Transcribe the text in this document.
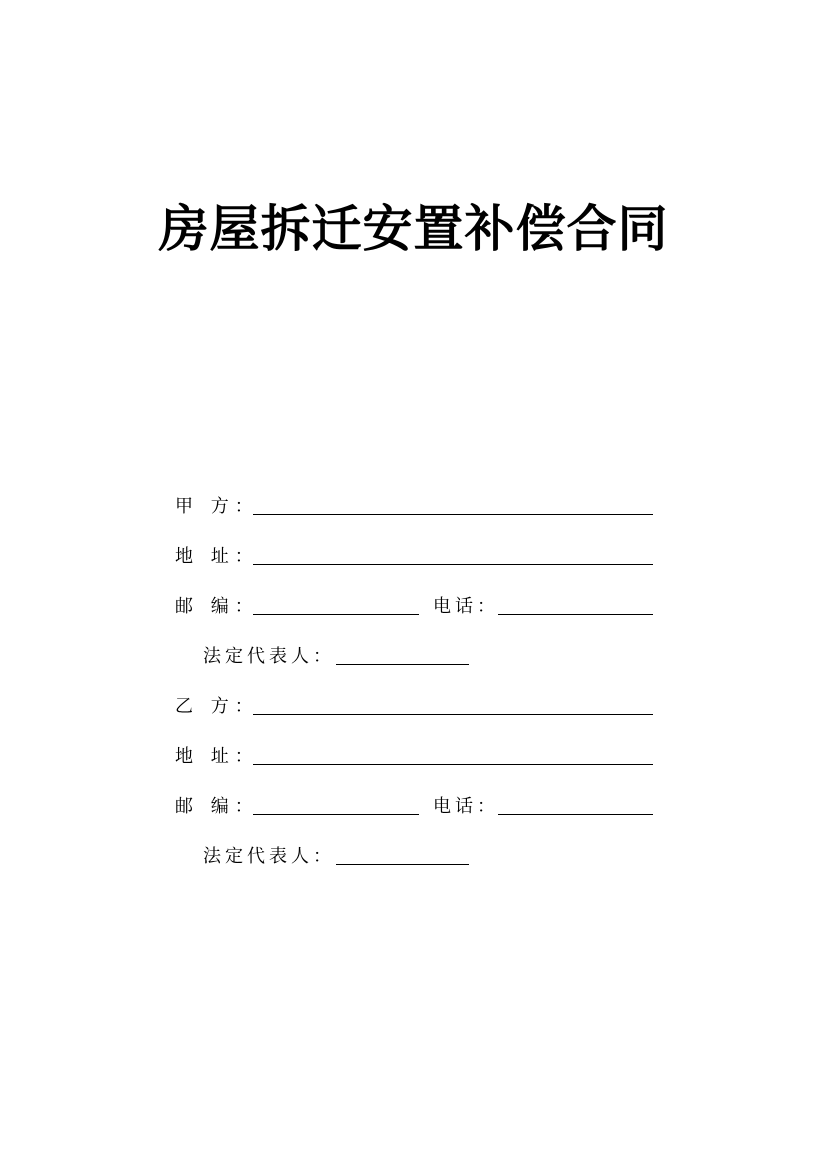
房屋拆迁安置补偿合同
甲 方：
地 址：
邮 编：	电话：
法定代表人：
乙 方：
地 址：
邮 编：	电话：
法定代表人：
